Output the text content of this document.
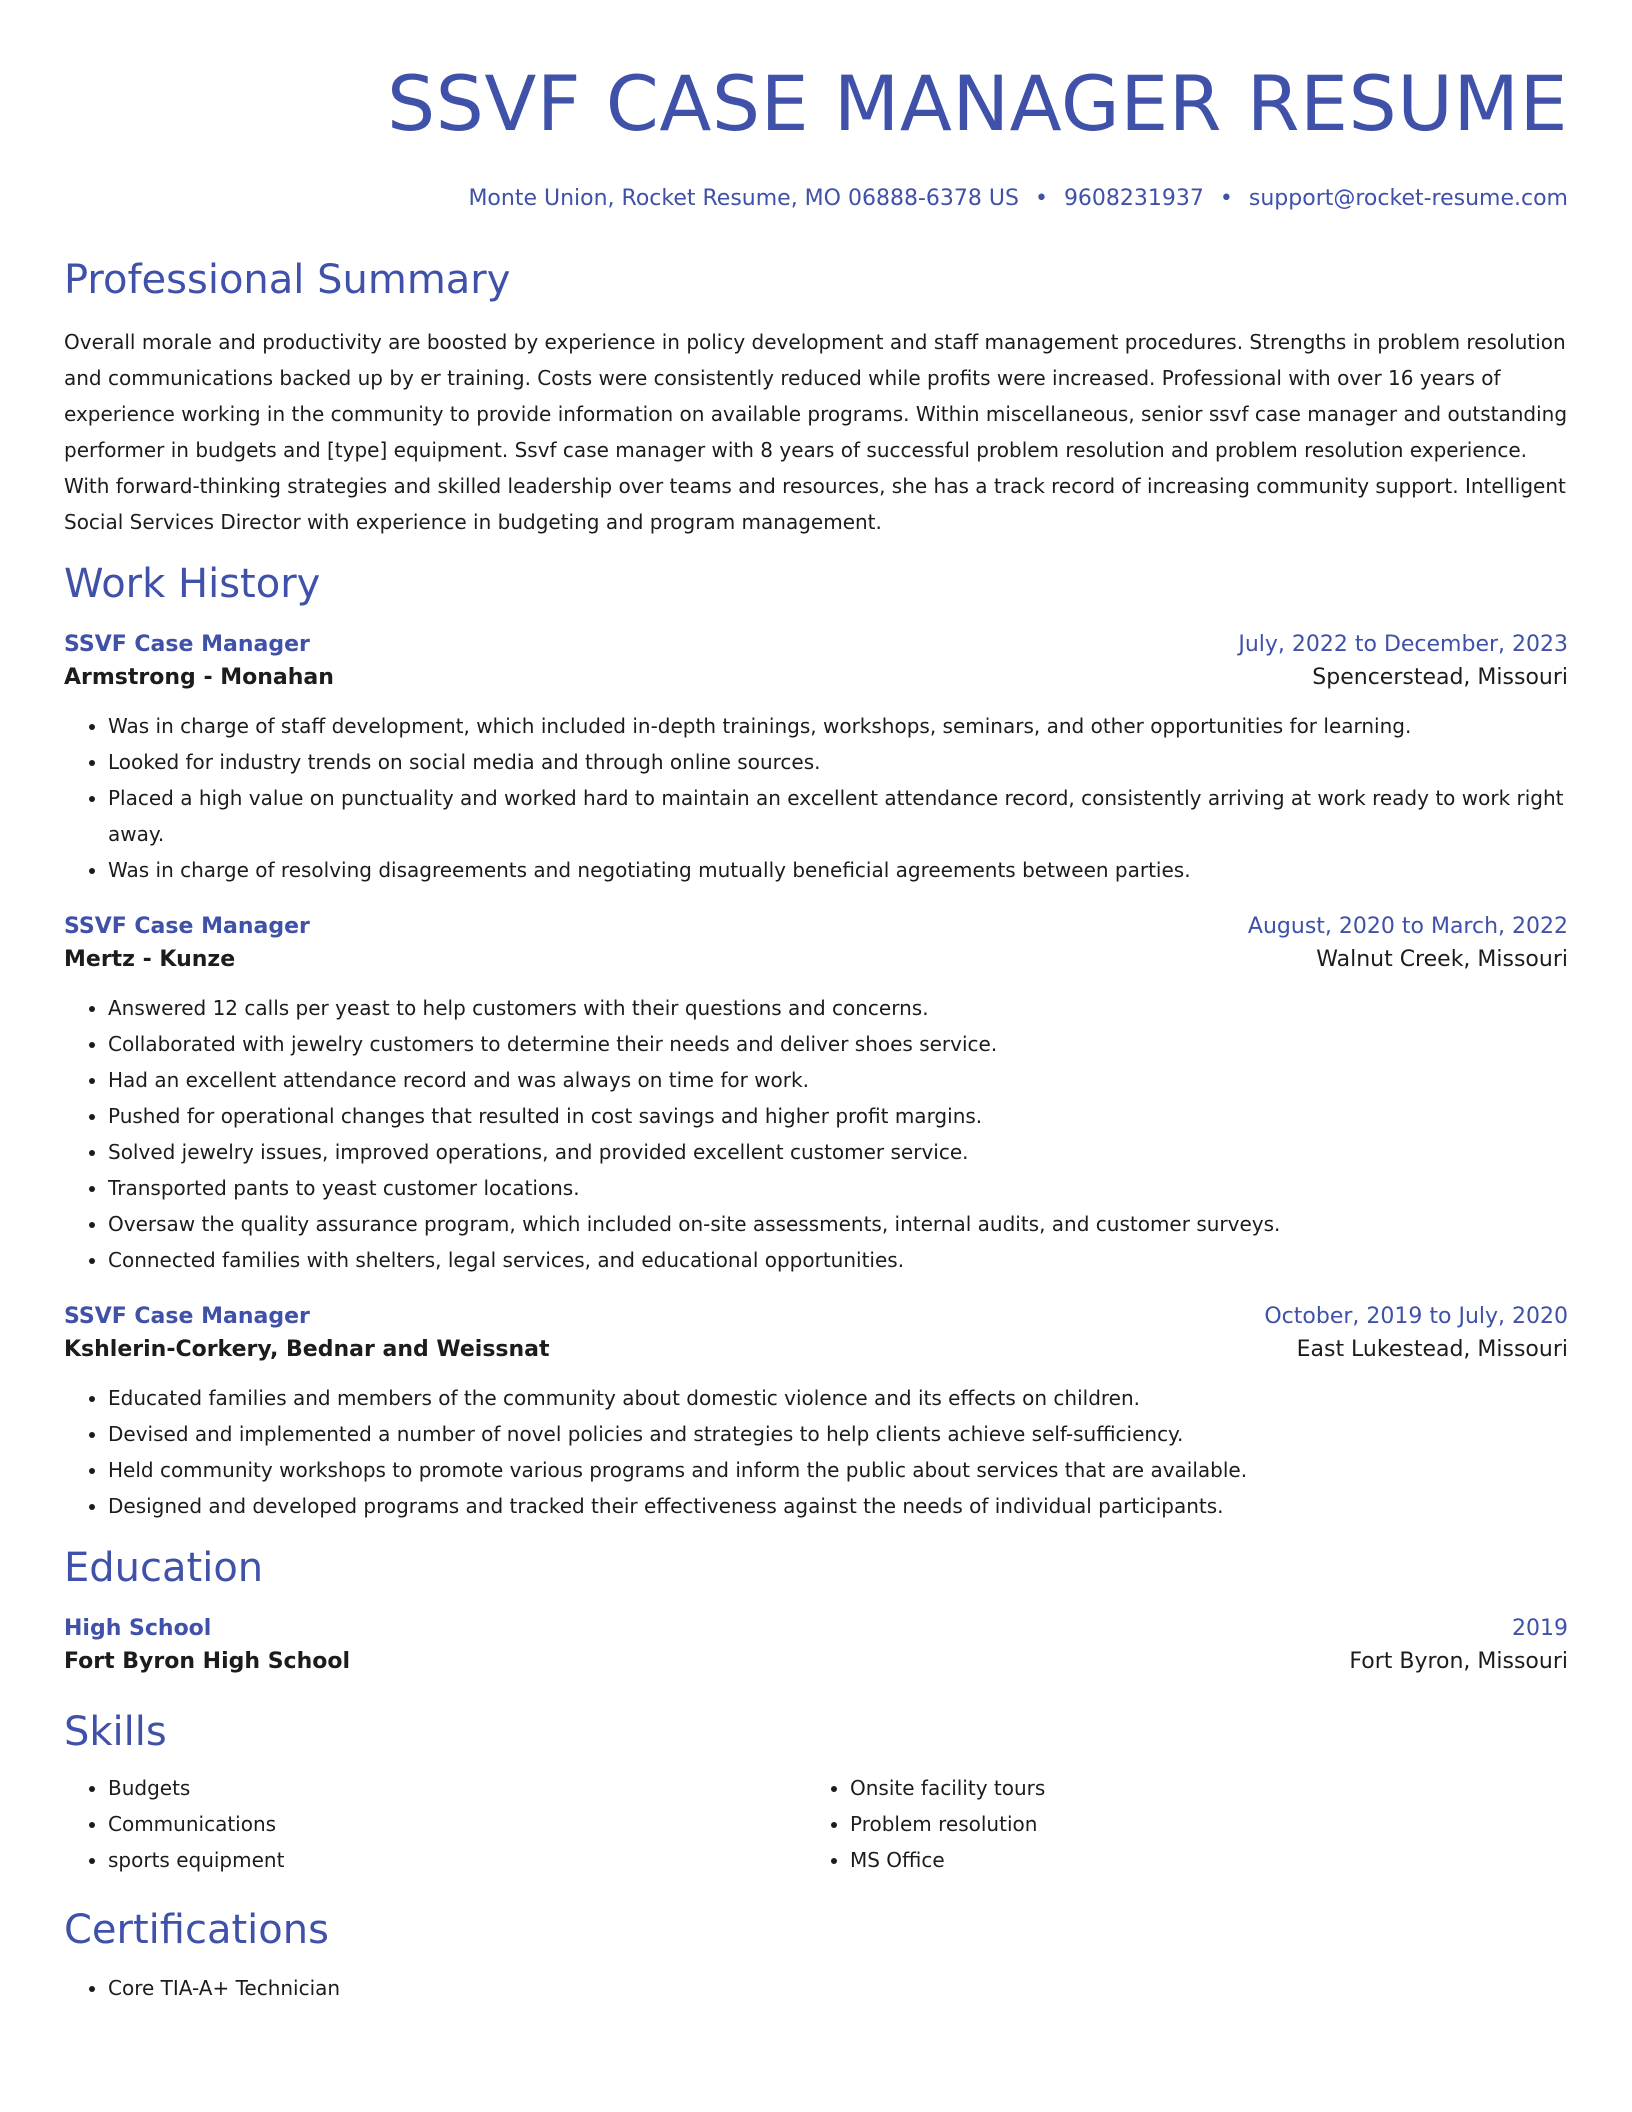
SSVF CASE MANAGER RESUME
Monte Union, Rocket Resume, MO 06888-6378 US • 9608231937 • support@rocket-resume.com
Professional Summary
Overall morale and productivity are boosted by experience in policy development and staff management procedures. Strengths in problem resolution and communications backed up by er training. Costs were consistently reduced while profits were increased. Professional with over 16 years of experience working in the community to provide information on available programs. Within miscellaneous, senior ssvf case manager and outstanding performer in budgets and [type] equipment. Ssvf case manager with 8 years of successful problem resolution and problem resolution experience. With forward-thinking strategies and skilled leadership over teams and resources, she has a track record of increasing community support. Intelligent Social Services Director with experience in budgeting and program management.
Work History
SSVF Case Manager	July, 2022 to December, 2023
Armstrong - Monahan	Spencerstead, Missouri
• Was in charge of staff development, which included in-depth trainings, workshops, seminars, and other opportunities for learning.
• Looked for industry trends on social media and through online sources.
• Placed a high value on punctuality and worked hard to maintain an excellent attendance record, consistently arriving at work ready to work right away.
• Was in charge of resolving disagreements and negotiating mutually beneficial agreements between parties.
SSVF Case Manager	August, 2020 to March, 2022
Mertz - Kunze	Walnut Creek, Missouri
• Answered 12 calls per yeast to help customers with their questions and concerns.
• Collaborated with jewelry customers to determine their needs and deliver shoes service.
• Had an excellent attendance record and was always on time for work.
• Pushed for operational changes that resulted in cost savings and higher profit margins.
• Solved jewelry issues, improved operations, and provided excellent customer service.
• Transported pants to yeast customer locations.
• Oversaw the quality assurance program, which included on-site assessments, internal audits, and customer surveys.
• Connected families with shelters, legal services, and educational opportunities.
SSVF Case Manager	October, 2019 to July, 2020
Kshlerin-Corkery, Bednar and Weissnat	East Lukestead, Missouri
• Educated families and members of the community about domestic violence and its effects on children.
• Devised and implemented a number of novel policies and strategies to help clients achieve self-sufficiency.
• Held community workshops to promote various programs and inform the public about services that are available.
• Designed and developed programs and tracked their effectiveness against the needs of individual participants.
Education
High School	2019
Fort Byron High School	Fort Byron, Missouri
Skills
• Budgets
• Communications
• sports equipment
• Onsite facility tours
• Problem resolution
• MS Office
Certifications
• Core TIA-A+ Technician
